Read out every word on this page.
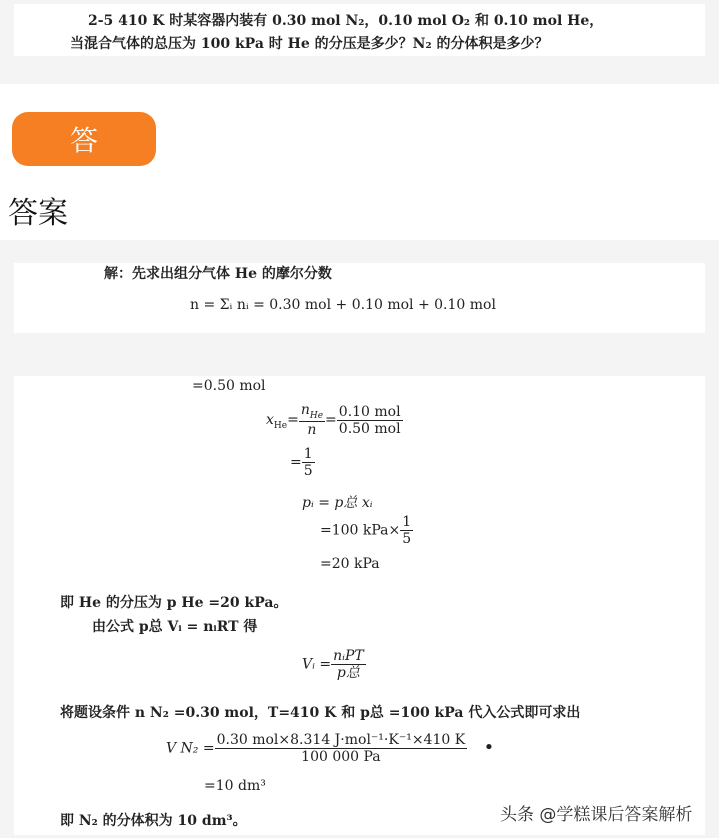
2-5 410 K 时某容器内装有 0.30 mol N₂，0.10 mol O₂ 和 0.10 mol He，
当混合气体的总压为 100 kPa 时 He 的分压是多少？N₂ 的分体积是多少？
答
答案
解：先求出组分气体 He 的摩尔分数
n = Σᵢ nᵢ = 0.30 mol + 0.10 mol + 0.10 mol
=0.50 mol
$x_{He}= \frac{n_{He}}{n} = \frac{\text{0.10 mol}}{\text{0.50 mol}}$
= $\frac{1}{5}$
pᵢ = p总 xᵢ
=100 $kPa\times \frac{1}{5}$
=20 kPa
即 He 的分压为 p He =20 kPa。
由公式 p总 Vᵢ = nᵢRT 得
Vᵢ = $\frac{\text{nᵢPT}}{\text{p总}}$
将题设条件 n N₂ =0.30 mol，T=410 K 和 p总 =100 kPa 代入公式即可求出
V $N_2 = \frac{\text{0.30 mol×8.314 J·mol⁻¹·K⁻¹×410 K}}{100 000 Pa}$ •
=10 dm³
即 N₂ 的分体积为 10 dm³。	头条 @学糕课后答案解析
